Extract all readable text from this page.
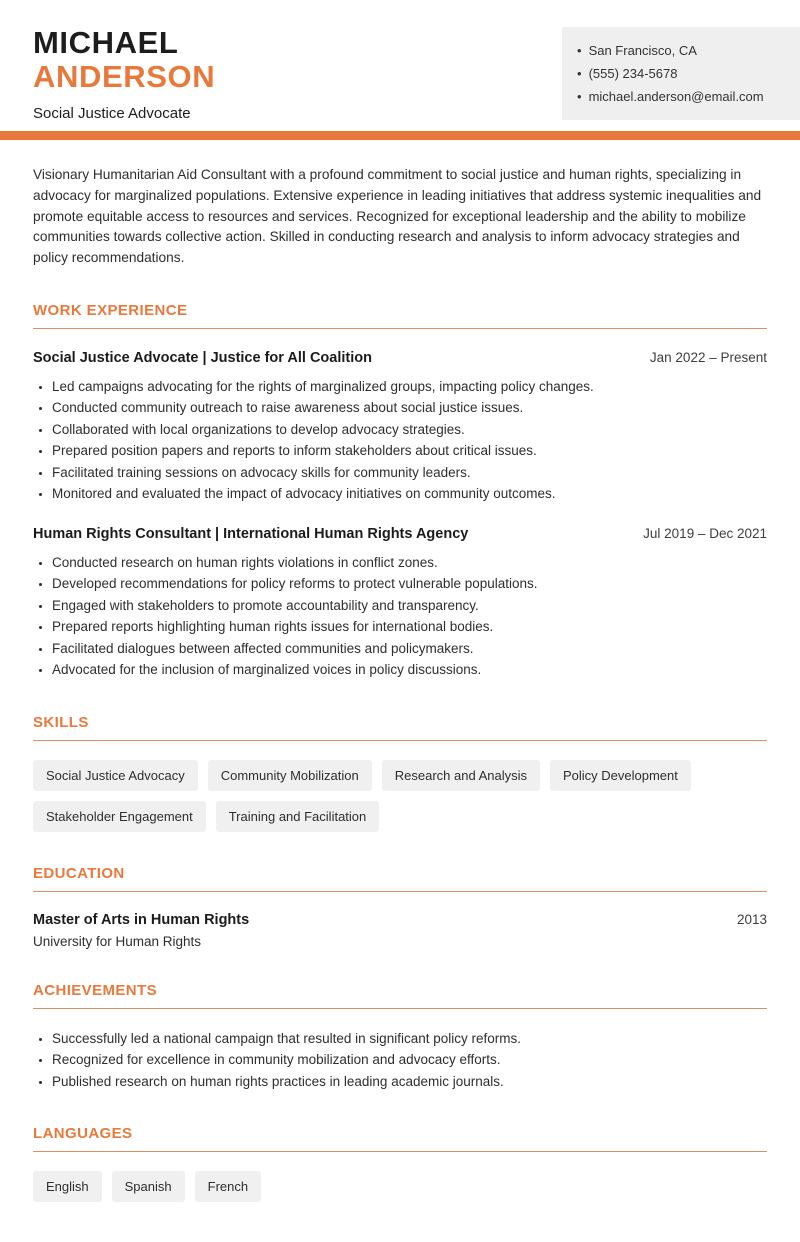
MICHAEL
ANDERSON
Social Justice Advocate
• San Francisco, CA
• (555) 234-5678
• michael.anderson@email.com

Visionary Humanitarian Aid Consultant with a profound commitment to social justice and human rights, specializing in advocacy for marginalized populations. Extensive experience in leading initiatives that address systemic inequalities and promote equitable access to resources and services. Recognized for exceptional leadership and the ability to mobilize communities towards collective action. Skilled in conducting research and analysis to inform advocacy strategies and policy recommendations.

WORK EXPERIENCE
Social Justice Advocate | Justice for All Coalition	Jan 2022 – Present
• Led campaigns advocating for the rights of marginalized groups, impacting policy changes.
• Conducted community outreach to raise awareness about social justice issues.
• Collaborated with local organizations to develop advocacy strategies.
• Prepared position papers and reports to inform stakeholders about critical issues.
• Facilitated training sessions on advocacy skills for community leaders.
• Monitored and evaluated the impact of advocacy initiatives on community outcomes.
Human Rights Consultant | International Human Rights Agency	Jul 2019 – Dec 2021
• Conducted research on human rights violations in conflict zones.
• Developed recommendations for policy reforms to protect vulnerable populations.
• Engaged with stakeholders to promote accountability and transparency.
• Prepared reports highlighting human rights issues for international bodies.
• Facilitated dialogues between affected communities and policymakers.
• Advocated for the inclusion of marginalized voices in policy discussions.
SKILLS
Social Justice Advocacy	Community Mobilization	Research and Analysis	Policy Development
Stakeholder Engagement	Training and Facilitation
EDUCATION
Master of Arts in Human Rights	2013
University for Human Rights
ACHIEVEMENTS
• Successfully led a national campaign that resulted in significant policy reforms.
• Recognized for excellence in community mobilization and advocacy efforts.
• Published research on human rights practices in leading academic journals.
LANGUAGES
English	Spanish	French
